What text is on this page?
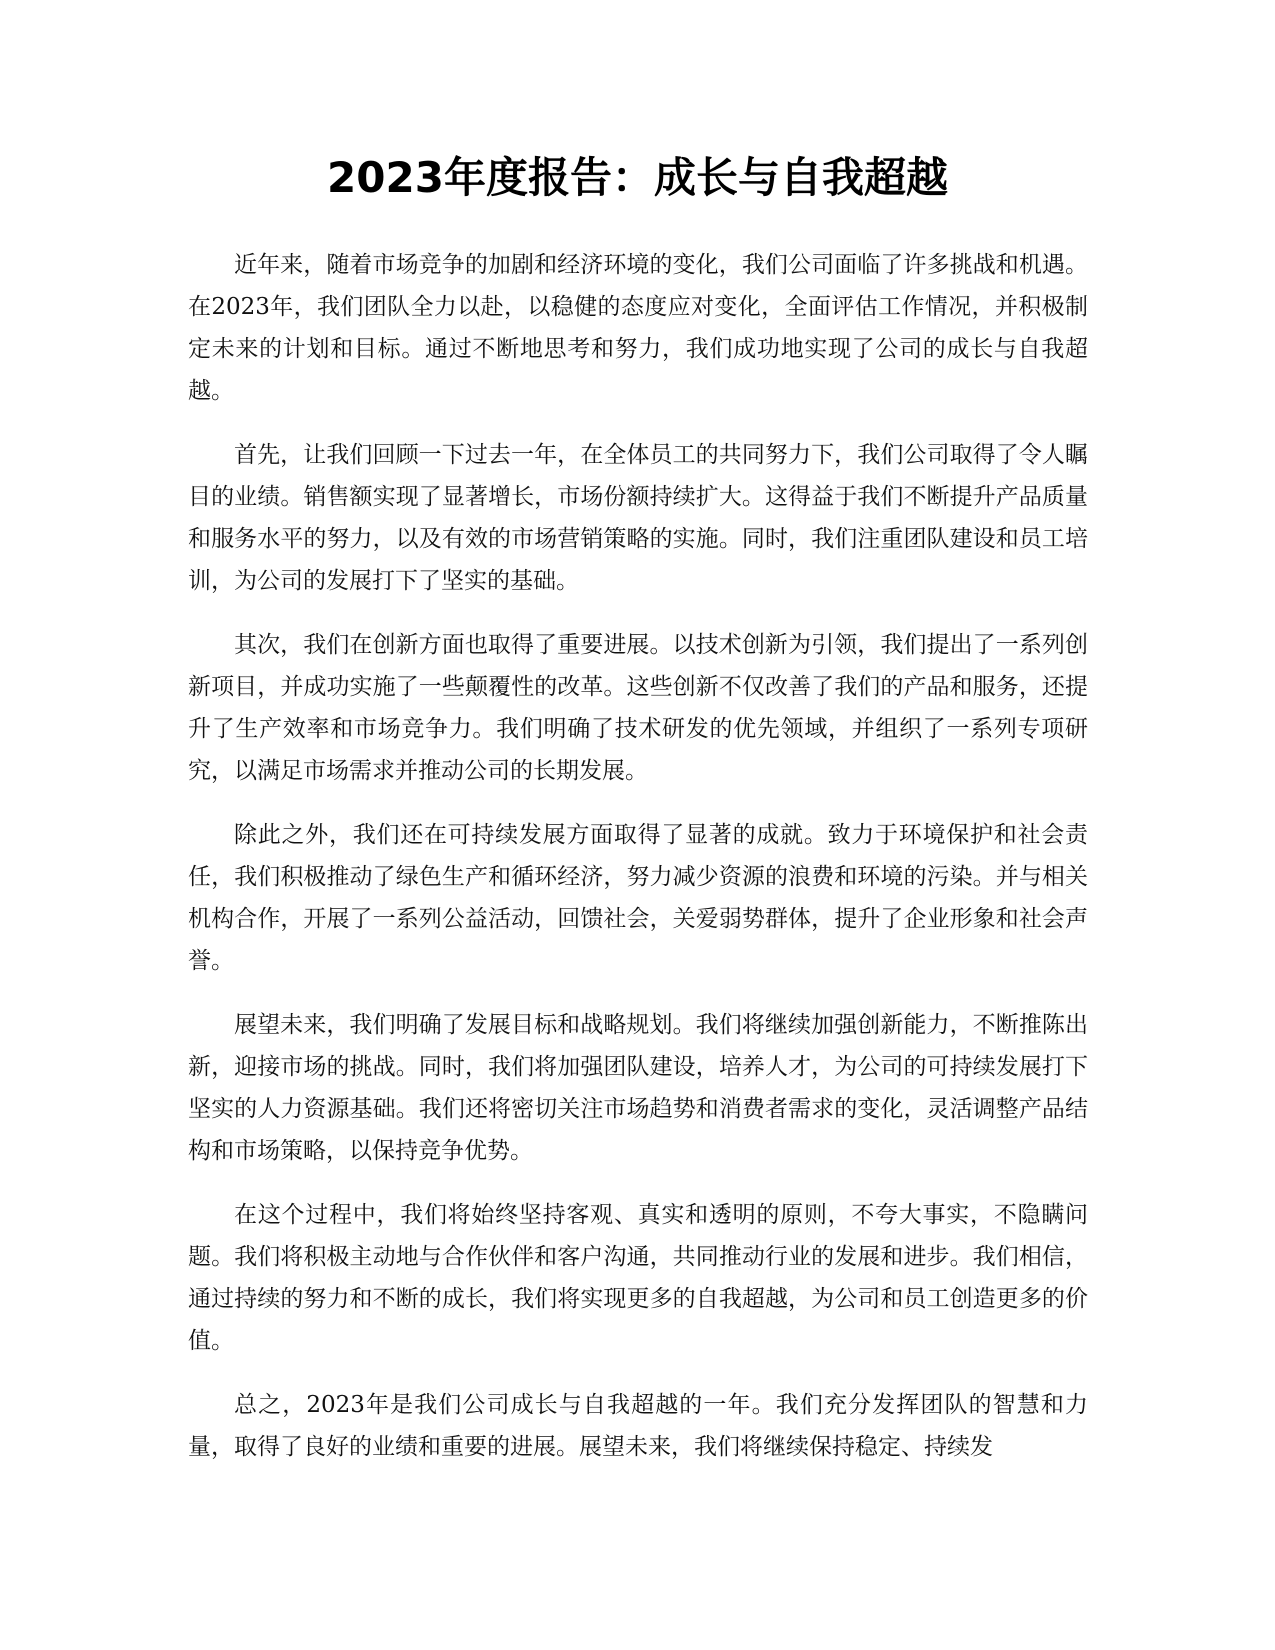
2023年度报告：成长与自我超越

近年来，随着市场竞争的加剧和经济环境的变化，我们公司面临了许多挑战和机遇。在2023年，我们团队全力以赴，以稳健的态度应对变化，全面评估工作情况，并积极制定未来的计划和目标。通过不断地思考和努力，我们成功地实现了公司的成长与自我超越。

首先，让我们回顾一下过去一年，在全体员工的共同努力下，我们公司取得了令人瞩目的业绩。销售额实现了显著增长，市场份额持续扩大。这得益于我们不断提升产品质量和服务水平的努力，以及有效的市场营销策略的实施。同时，我们注重团队建设和员工培训，为公司的发展打下了坚实的基础。

其次，我们在创新方面也取得了重要进展。以技术创新为引领，我们提出了一系列创新项目，并成功实施了一些颠覆性的改革。这些创新不仅改善了我们的产品和服务，还提升了生产效率和市场竞争力。我们明确了技术研发的优先领域，并组织了一系列专项研究，以满足市场需求并推动公司的长期发展。

除此之外，我们还在可持续发展方面取得了显著的成就。致力于环境保护和社会责任，我们积极推动了绿色生产和循环经济，努力减少资源的浪费和环境的污染。并与相关机构合作，开展了一系列公益活动，回馈社会，关爱弱势群体，提升了企业形象和社会声誉。

展望未来，我们明确了发展目标和战略规划。我们将继续加强创新能力，不断推陈出新，迎接市场的挑战。同时，我们将加强团队建设，培养人才，为公司的可持续发展打下坚实的人力资源基础。我们还将密切关注市场趋势和消费者需求的变化，灵活调整产品结构和市场策略，以保持竞争优势。

在这个过程中，我们将始终坚持客观、真实和透明的原则，不夸大事实，不隐瞒问题。我们将积极主动地与合作伙伴和客户沟通，共同推动行业的发展和进步。我们相信，通过持续的努力和不断的成长，我们将实现更多的自我超越，为公司和员工创造更多的价值。

总之，2023年是我们公司成长与自我超越的一年。我们充分发挥团队的智慧和力量，取得了良好的业绩和重要的进展。展望未来，我们将继续保持稳定、持续发
